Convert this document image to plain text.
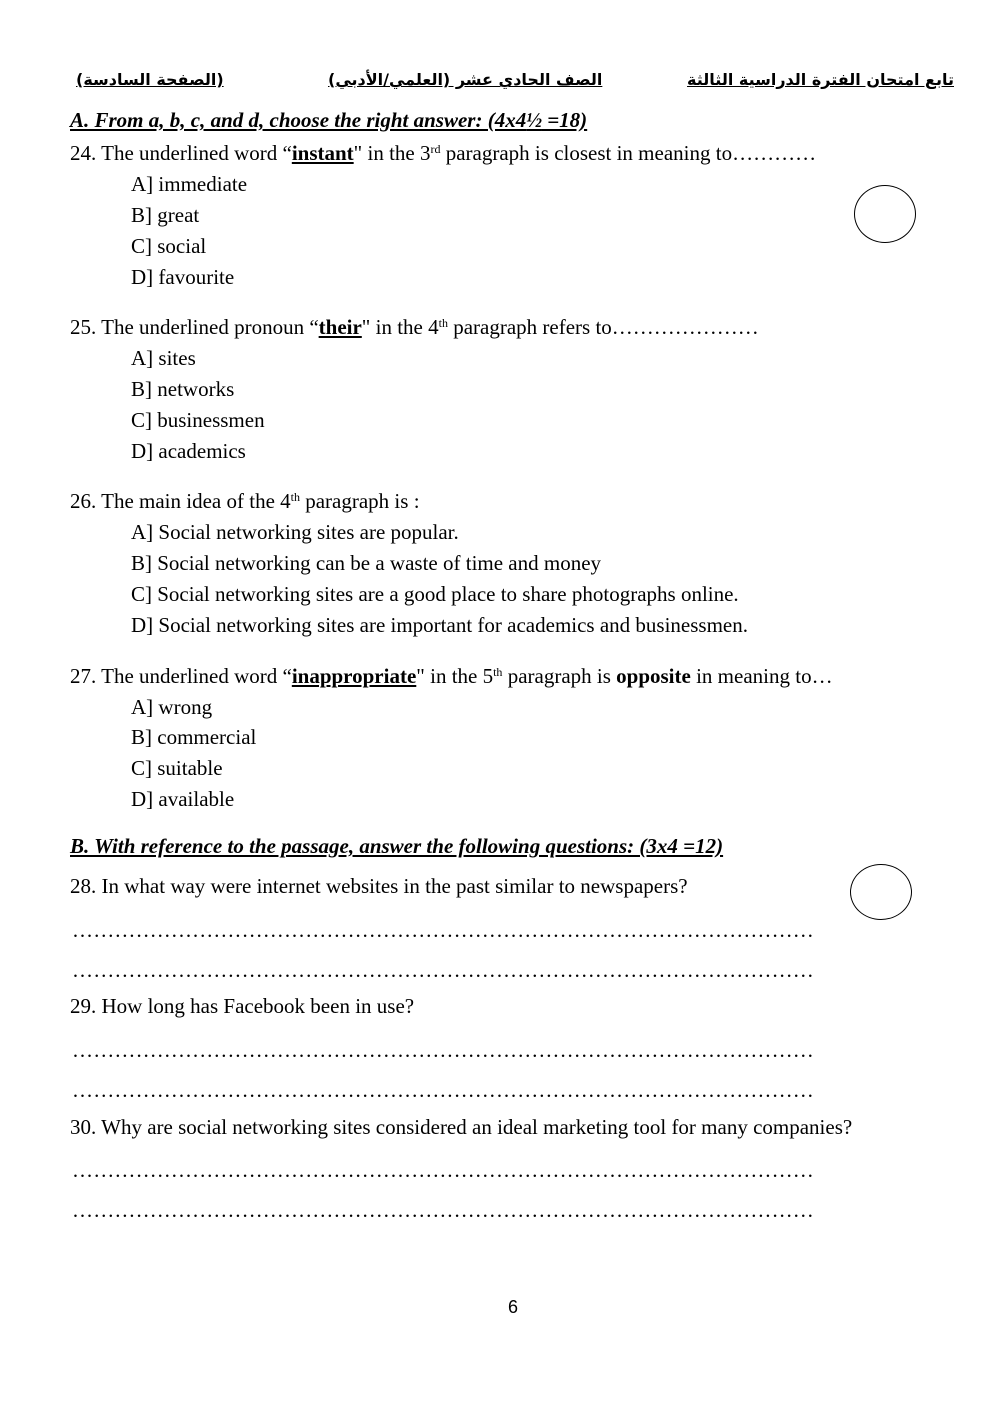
تابع امتحان الفترة الدراسية الثالثة
الصف الحادي عشر (العلمي/الأدبي)
(الصفحة السادسة)
A. From a, b, c, and d, choose the right answer: (4x4½ =18)
24. The underlined word “instant" in the 3rd paragraph is closest in meaning to…………
A] immediate
B] great
C] social
D] favourite
25. The underlined pronoun “their" in the 4th paragraph refers to…………………
A] sites
B] networks
C] businessmen
D] academics
26. The main idea of the 4th paragraph is :
A] Social networking sites are popular.
B] Social networking can be a waste of time and money
C] Social networking sites are a good place to share photographs online.
D] Social networking sites are important for academics and businessmen.
27. The underlined word “inappropriate" in the 5th paragraph is opposite in meaning to…
A] wrong
B] commercial
C] suitable
D] available
B. With reference to the passage, answer the following questions: (3x4 =12)
28. In what way were internet websites in the past similar to newspapers?
……………………………………………………………………………………………
……………………………………………………………………………………………
29. How long has Facebook been in use?
……………………………………………………………………………………………
……………………………………………………………………………………………
30. Why are social networking sites considered an ideal marketing tool for many companies?
……………………………………………………………………………………………
……………………………………………………………………………………………
6
